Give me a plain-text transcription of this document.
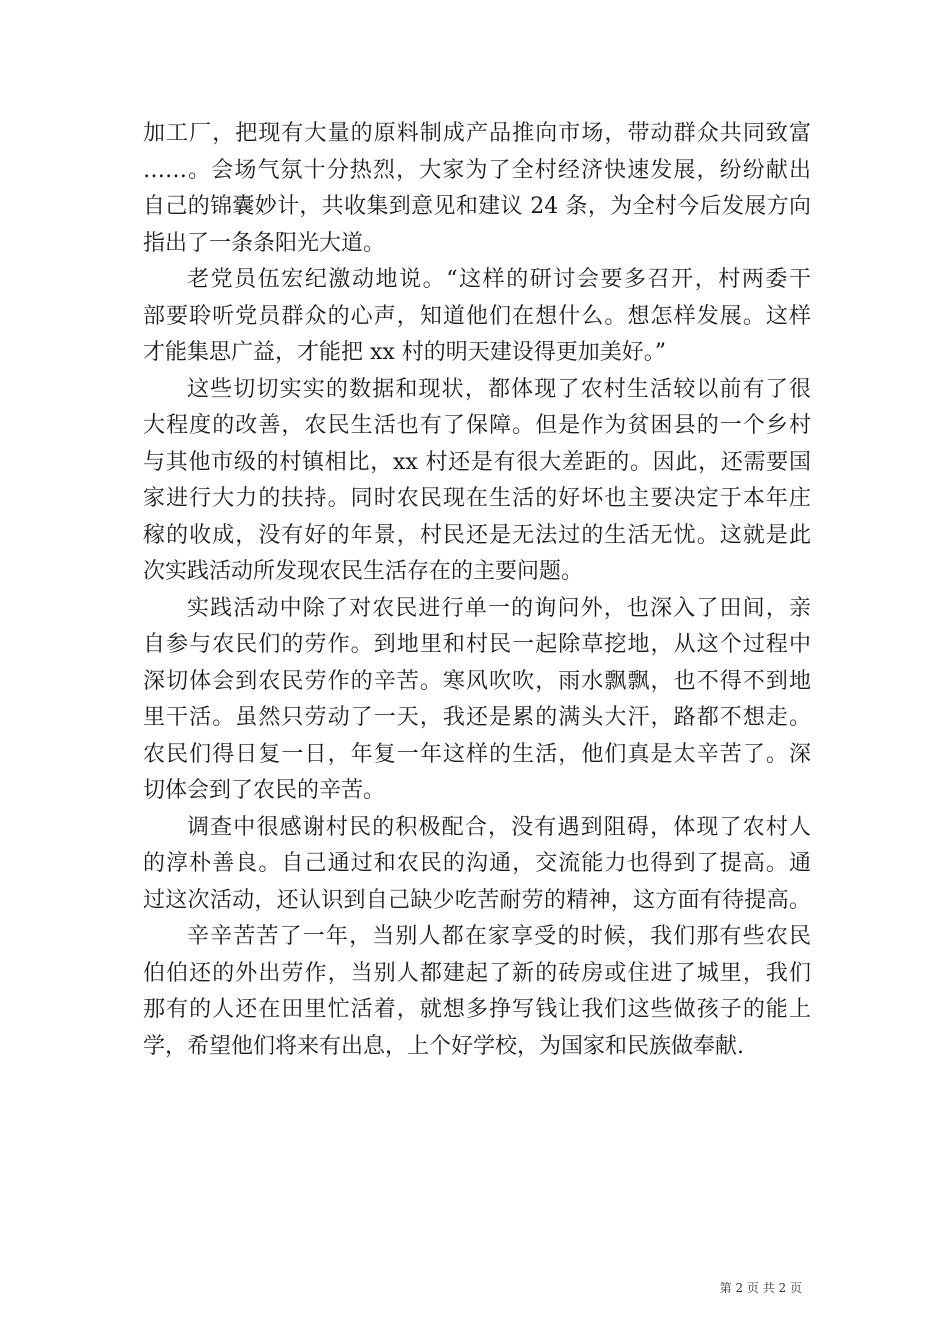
加工厂，把现有大量的原料制成产品推向市场，带动群众共同致富
……。会场气氛十分热烈，大家为了全村经济快速发展，纷纷献出
自己的锦囊妙计，共收集到意见和建议 24 条，为全村今后发展方向
指出了一条条阳光大道。
老党员伍宏纪激动地说。“这样的研讨会要多召开，村两委干
部要聆听党员群众的心声，知道他们在想什么。想怎样发展。这样
才能集思广益，才能把 xx 村的明天建设得更加美好。”
这些切切实实的数据和现状，都体现了农村生活较以前有了很
大程度的改善，农民生活也有了保障。但是作为贫困县的一个乡村
与其他市级的村镇相比，xx 村还是有很大差距的。因此，还需要国
家进行大力的扶持。同时农民现在生活的好坏也主要决定于本年庄
稼的收成，没有好的年景，村民还是无法过的生活无忧。这就是此
次实践活动所发现农民生活存在的主要问题。
实践活动中除了对农民进行单一的询问外，也深入了田间，亲
自参与农民们的劳作。到地里和村民一起除草挖地，从这个过程中
深切体会到农民劳作的辛苦。寒风吹吹，雨水飘飘，也不得不到地
里干活。虽然只劳动了一天，我还是累的满头大汗，路都不想走。
农民们得日复一日，年复一年这样的生活，他们真是太辛苦了。深
切体会到了农民的辛苦。
调查中很感谢村民的积极配合，没有遇到阻碍，体现了农村人
的淳朴善良。自己通过和农民的沟通，交流能力也得到了提高。通
过这次活动，还认识到自己缺少吃苦耐劳的精神，这方面有待提高。
辛辛苦苦了一年，当别人都在家享受的时候，我们那有些农民
伯伯还的外出劳作，当别人都建起了新的砖房或住进了城里，我们
那有的人还在田里忙活着，就想多挣写钱让我们这些做孩子的能上
学，希望他们将来有出息，上个好学校，为国家和民族做奉献.
第 2 页 共 2 页
